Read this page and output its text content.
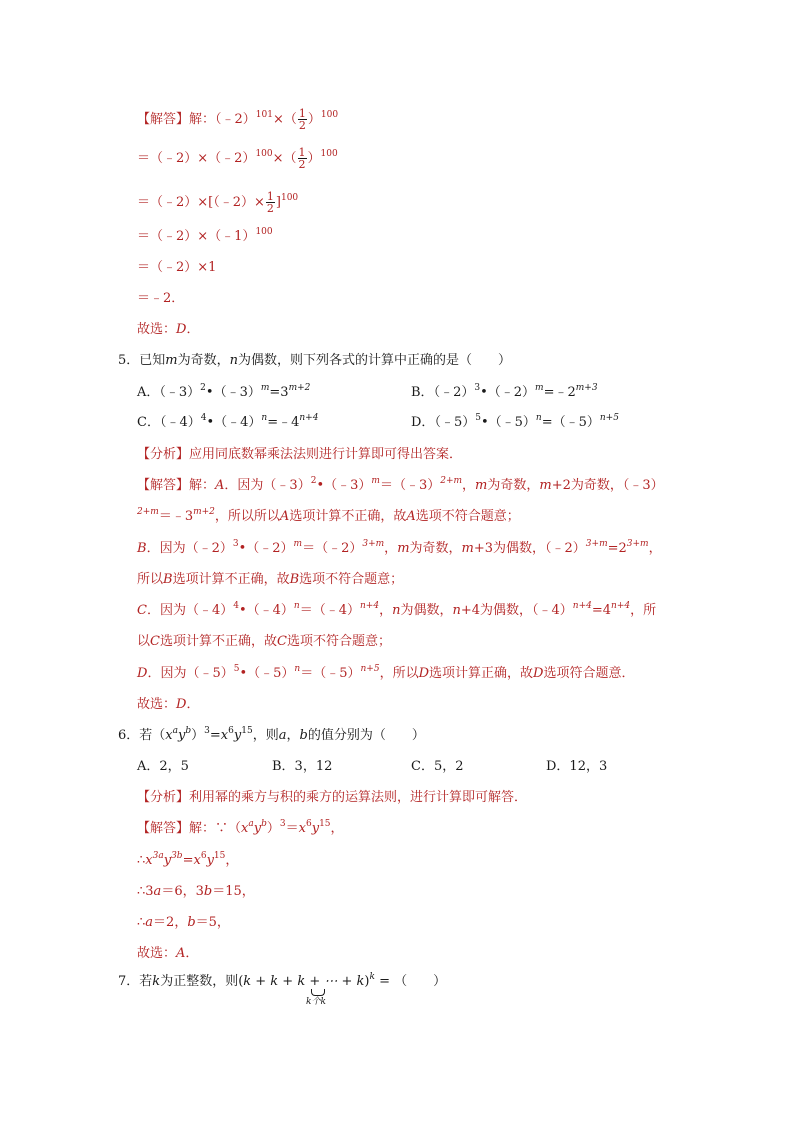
【解答】解：（﹣2）$^{101}$×（ $\frac{1}{2} )^{100}$
＝（﹣2）×（﹣2）$^{100}$×（ $\frac{1}{2} )^{100}$
＝（﹣2）×[（﹣2）× $\frac{1}{2} ]^{100}$
＝（﹣2）×（﹣1）$^{100}$
＝（﹣2）×1
＝﹣2．
故选：D．
5．已知m为奇数，n为偶数，则下列各式的计算中正确的是（　　）
A．$(﹣3)^2•(﹣3)^m=3^{m+2}$	B．$(﹣2)^3•(﹣2)^m=﹣2^{m+3}$
C．$(﹣4)^4•(﹣4)^n=﹣4^{n+4}$	D．（﹣5）$^5$•（﹣5）$^n$=（﹣5）$^{n+5}$
【分析】应用同底数幂乘法法则进行计算即可得出答案．
【解答】解：A．因为（﹣3）$^2$•（﹣3）$^m$＝（﹣3）$^{2+m}$，m为奇数，m+2为奇数，（﹣3）
$^{2+m}=﹣3^{m+2}$，所以所以A选项计算不正确，故A选项不符合题意；
B．因为（﹣2）$^3$•（﹣2）$^m$＝（﹣2）$^{3+m}$，m为奇数，m+3为偶数，$(﹣2)^{3+m}=2^{3+m}$，
所以B选项计算不正确，故B选项不符合题意；
C．因为（﹣4）$^4$•（﹣4）$^n$＝（﹣4）$^{n+4}$，n为偶数，n+4为偶数，$(﹣4)^{n+4}=4^{n+4}$，所
以C选项计算不正确，故C选项不符合题意；
D．因为（﹣5）$^5$•（﹣5）$^n$＝（﹣5）$^{n+5}$，所以D选项计算正确，故D选项符合题意．
故选：D．
6．若$(x^ay^b)^3=x^6y^{15}$，则a，b的值分别为（　　）
A．2，5	B．3，12	C．5，2	D．12，3
【分析】利用幂的乘方与积的乘方的运算法则，进行计算即可解答．
【解答】解：$\because(x^ay^b)^3=x^6y^{15}$，
$\therefore x^{3a}y^{3b}=x^6y^{15}$，
∴3a＝6，3b＝15，
∴a＝2，b＝5，
故选：A．
7．若k为正整数，则(k + k + k + ⋯ + k)$^k$ = （　　）
k个k
